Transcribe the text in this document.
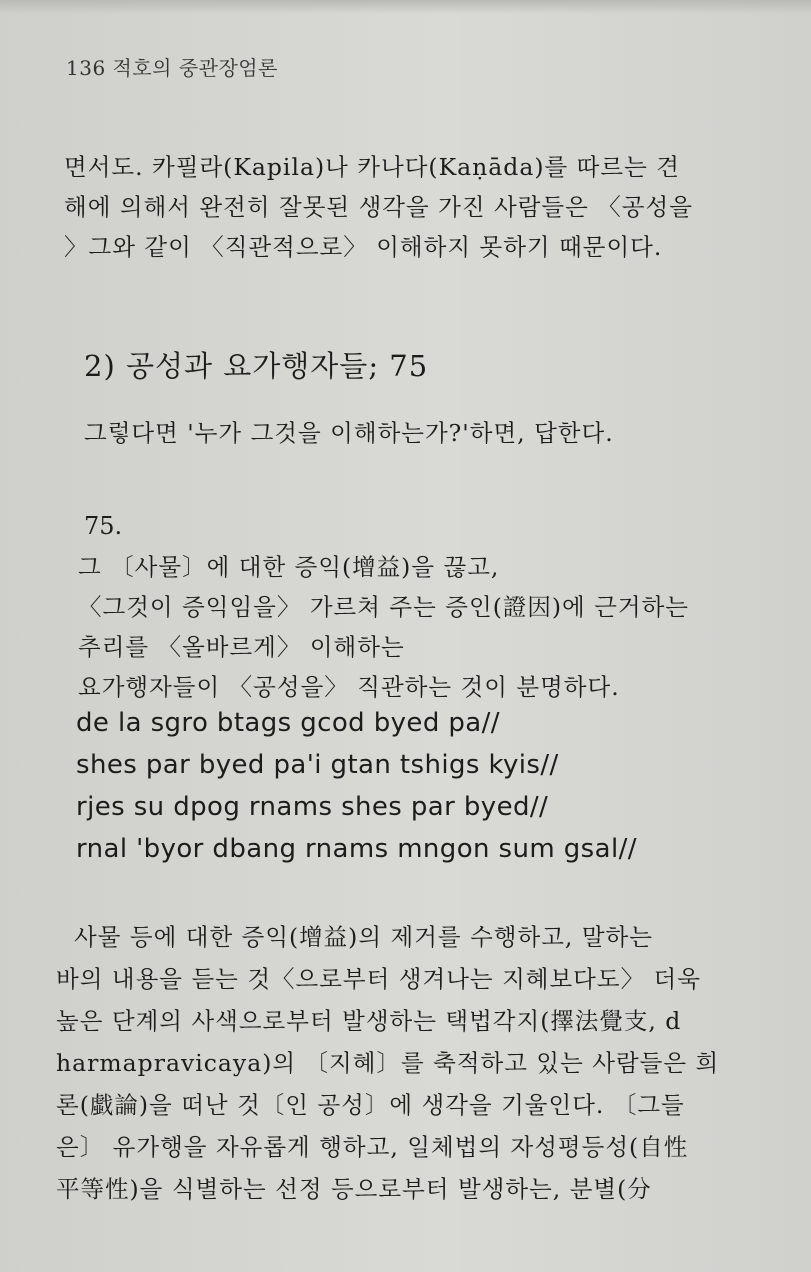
136 적호의 중관장엄론
면서도. 카필라(Kapila)나 카나다(Kaṇāda)를 따르는 견
해에 의해서 완전히 잘못된 생각을 가진 사람들은 〈공성을
〉그와 같이 〈직관적으로〉 이해하지 못하기 때문이다.
2) 공성과 요가행자들; 75
그렇다면 '누가 그것을 이해하는가?'하면, 답한다.
75.
그 〔사물〕에 대한 증익(增益)을 끊고,
〈그것이 증익임을〉 가르쳐 주는 증인(證因)에 근거하는
추리를 〈올바르게〉 이해하는
요가행자들이 〈공성을〉 직관하는 것이 분명하다.
de la sgro btags gcod byed pa//
shes par byed pa'i gtan tshigs kyis//
rjes su dpog rnams shes par byed//
rnal 'byor dbang rnams mngon sum gsal//
사물 등에 대한 증익(增益)의 제거를 수행하고, 말하는
바의 내용을 듣는 것〈으로부터 생겨나는 지혜보다도〉 더욱
높은 단계의 사색으로부터 발생하는 택법각지(擇法覺支, d
harmapravicaya)의 〔지혜〕를 축적하고 있는 사람들은 희
론(戱論)을 떠난 것〔인 공성〕에 생각을 기울인다. 〔그들
은〕 유가행을 자유롭게 행하고, 일체법의 자성평등성(自性
平等性)을 식별하는 선정 등으로부터 발생하는, 분별(分
